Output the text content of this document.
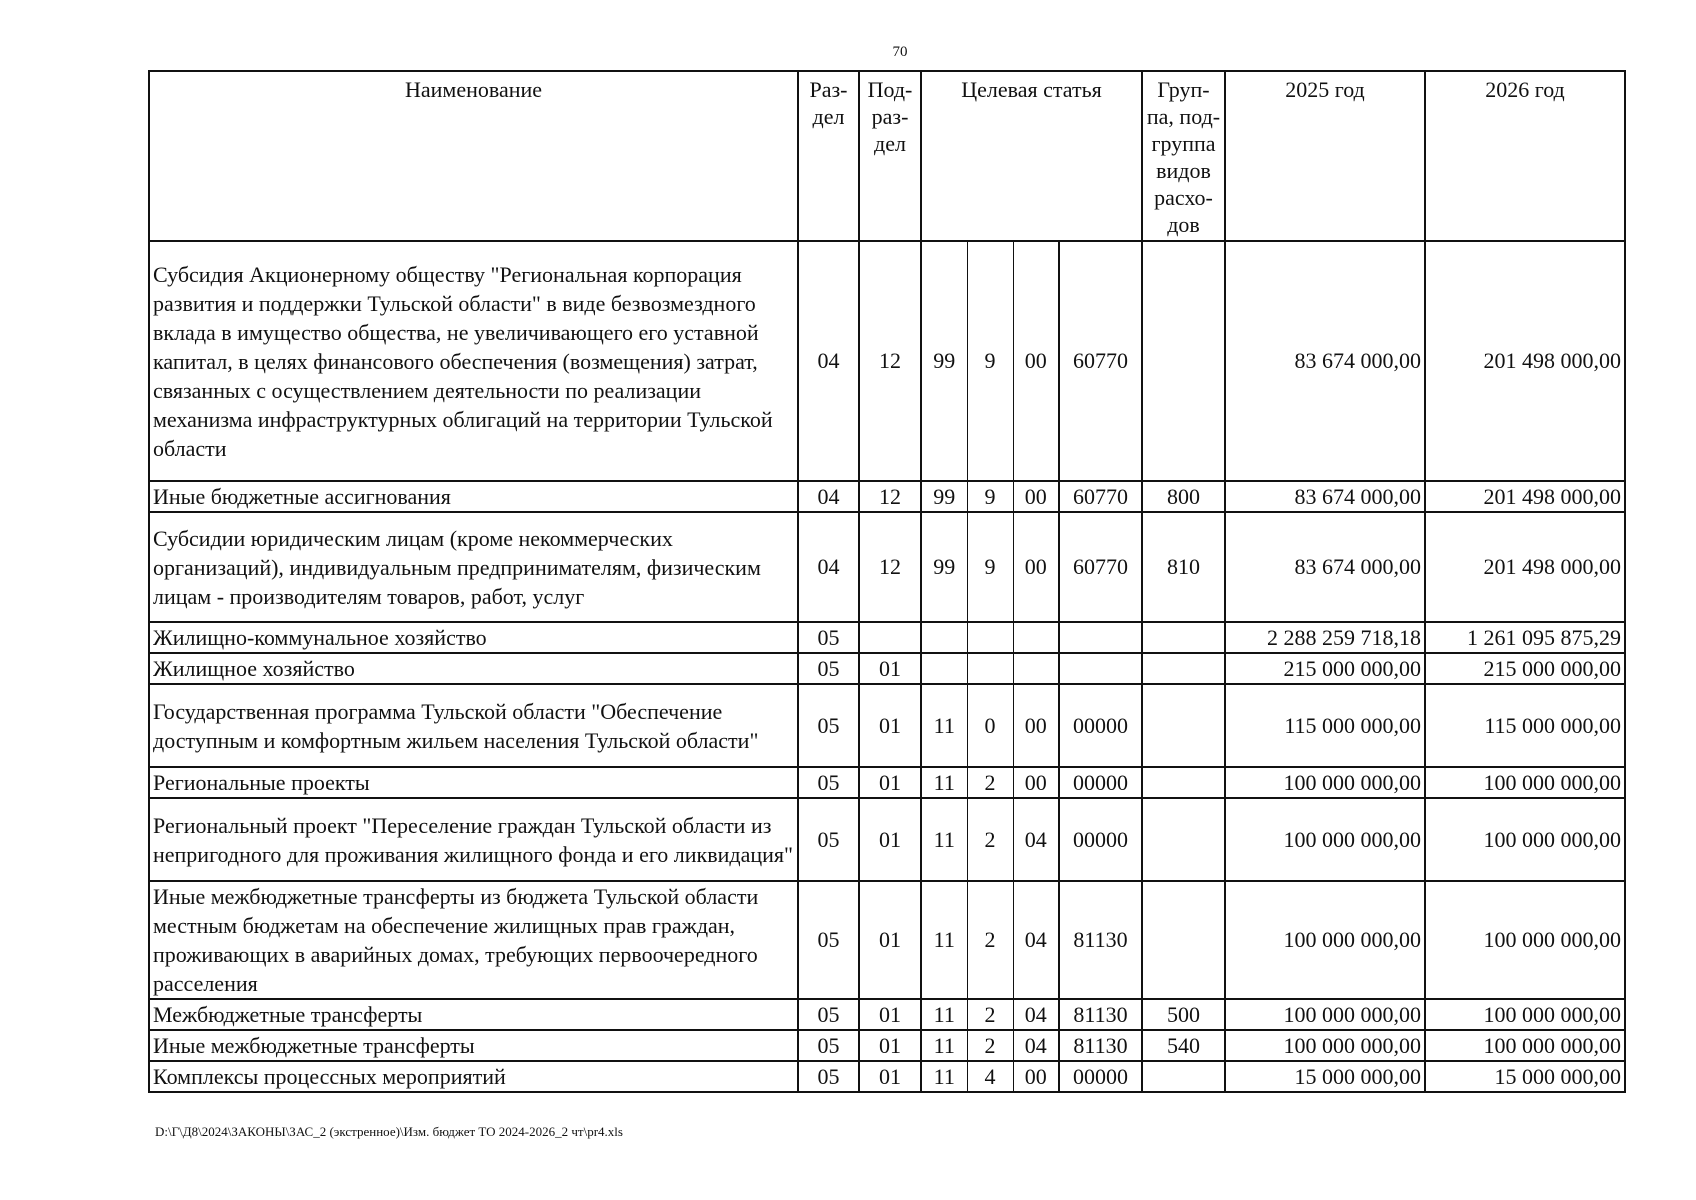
70
Наименование	Раз-дел	Под-раз-дел	Целевая статья				Груп-па, под-группа видов расхо-дов	2025 год	2026 год
Субсидия Акционерному обществу "Региональная корпорация развития и поддержки Тульской области" в виде безвозмездного вклада в имущество общества, не увеличивающего его уставной капитал, в целях финансового обеспечения (возмещения) затрат, связанных с осуществлением деятельности по реализации механизма инфраструктурных облигаций на территории Тульской области	04	12	99	9	00	60770		83 674 000,00	201 498 000,00
Иные бюджетные ассигнования	04	12	99	9	00	60770	800	83 674 000,00	201 498 000,00
Субсидии юридическим лицам (кроме некоммерческих организаций), индивидуальным предпринимателям, физическим лицам - производителям товаров, работ, услуг	04	12	99	9	00	60770	810	83 674 000,00	201 498 000,00
Жилищно-коммунальное хозяйство	05							2 288 259 718,18	1 261 095 875,29
Жилищное хозяйство	05	01						215 000 000,00	215 000 000,00
Государственная программа Тульской области "Обеспечение доступным и комфортным жильем населения Тульской области"	05	01	11	0	00	00000		115 000 000,00	115 000 000,00
Региональные проекты	05	01	11	2	00	00000		100 000 000,00	100 000 000,00
Региональный проект "Переселение граждан Тульской области из непригодного для проживания жилищного фонда и его ликвидация"	05	01	11	2	04	00000		100 000 000,00	100 000 000,00
Иные межбюджетные трансферты из бюджета Тульской области местным бюджетам на обеспечение жилищных прав граждан, проживающих в аварийных домах, требующих первоочередного расселения	05	01	11	2	04	81130		100 000 000,00	100 000 000,00
Межбюджетные трансферты	05	01	11	2	04	81130	500	100 000 000,00	100 000 000,00
Иные межбюджетные трансферты	05	01	11	2	04	81130	540	100 000 000,00	100 000 000,00
Комплексы процессных мероприятий	05	01	11	4	00	00000		15 000 000,00	15 000 000,00
D:\Г\Д8\2024\ЗАКОНЫ\ЗАС_2 (экстренное)\Изм. бюджет ТО 2024-2026_2 чт\pr4.xls
